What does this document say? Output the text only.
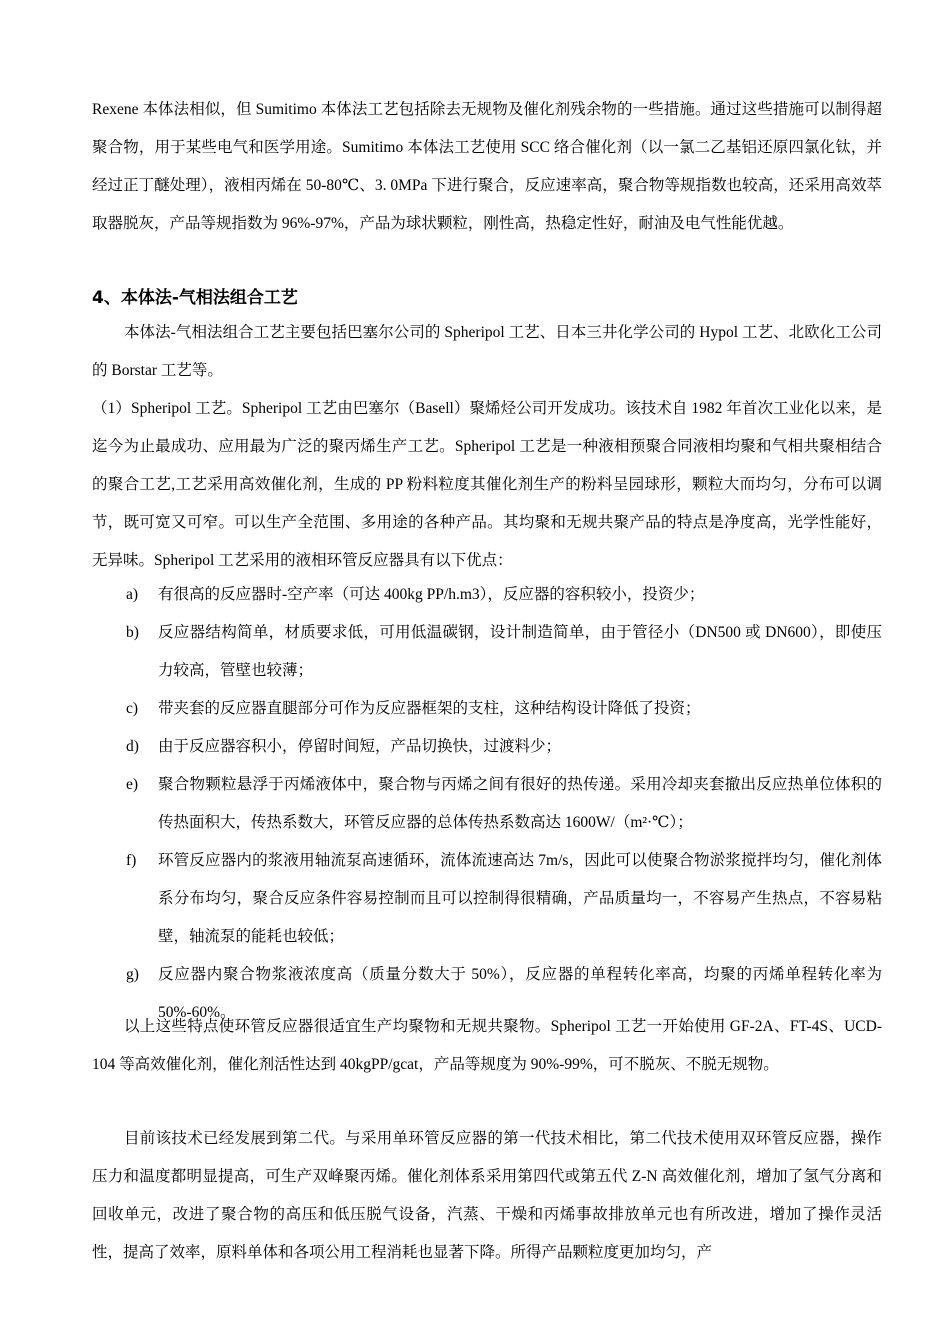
Rexene 本体法相似，但 Sumitimo 本体法工艺包括除去无规物及催化剂残余物的一些措施。通过这些措施可以制得超聚合物，用于某些电气和医学用途。Sumitimo 本体法工艺使用 SCC 络合催化剂（以一氯二乙基铝还原四氯化钛，并经过正丁醚处理），液相丙烯在 50-80℃、3. 0MPa 下进行聚合，反应速率高，聚合物等规指数也较高，还采用高效萃取器脱灰，产品等规指数为 96%-97%，产品为球状颗粒，刚性高，热稳定性好，耐油及电气性能优越。

4、本体法-气相法组合工艺

本体法-气相法组合工艺主要包括巴塞尔公司的 Spheripol 工艺、日本三井化学公司的 Hypol 工艺、北欧化工公司的 Borstar 工艺等。

（1）Spheripol 工艺。Spheripol 工艺由巴塞尔（Basell）聚烯烃公司开发成功。该技术自 1982 年首次工业化以来，是迄今为止最成功、应用最为广泛的聚丙烯生产工艺。Spheripol 工艺是一种液相预聚合同液相均聚和气相共聚相结合的聚合工艺,工艺采用高效催化剂，生成的 PP 粉料粒度其催化剂生产的粉料呈园球形，颗粒大而均匀，分布可以调节，既可宽又可窄。可以生产全范围、多用途的各种产品。其均聚和无规共聚产品的特点是净度高，光学性能好，无异味。Spheripol 工艺采用的液相环管反应器具有以下优点：

a) 有很高的反应器时-空产率（可达 400kg PP/h.m3），反应器的容积较小，投资少；
b) 反应器结构简单，材质要求低，可用低温碳钢，设计制造简单，由于管径小（DN500 或 DN600），即使压力较高，管壁也较薄；
c) 带夹套的反应器直腿部分可作为反应器框架的支柱，这种结构设计降低了投资；
d) 由于反应器容积小，停留时间短，产品切换快，过渡料少；
e) 聚合物颗粒悬浮于丙烯液体中，聚合物与丙烯之间有很好的热传递。采用冷却夹套撤出反应热单位体积的传热面积大，传热系数大，环管反应器的总体传热系数高达 1600W/（m²·℃）；
f) 环管反应器内的浆液用轴流泵高速循环，流体流速高达 7m/s，因此可以使聚合物淤浆搅拌均匀，催化剂体系分布均匀，聚合反应条件容易控制而且可以控制得很精确，产品质量均一，不容易产生热点，不容易粘壁，轴流泵的能耗也较低；
g) 反应器内聚合物浆液浓度高（质量分数大于 50%），反应器的单程转化率高，均聚的丙烯单程转化率为 50%-60%。

以上这些特点使环管反应器很适宜生产均聚物和无规共聚物。Spheripol 工艺一开始使用 GF-2A、FT-4S、UCD-104 等高效催化剂，催化剂活性达到 40kgPP/gcat，产品等规度为 90%-99%，可不脱灰、不脱无规物。

目前该技术已经发展到第二代。与采用单环管反应器的第一代技术相比，第二代技术使用双环管反应器，操作压力和温度都明显提高，可生产双峰聚丙烯。催化剂体系采用第四代或第五代 Z-N 高效催化剂，增加了氢气分离和回收单元，改进了聚合物的高压和低压脱气设备，汽蒸、干燥和丙烯事故排放单元也有所改进，增加了操作灵活性，提高了效率，原料单体和各项公用工程消耗也显著下降。所得产品颗粒度更加均匀，产
